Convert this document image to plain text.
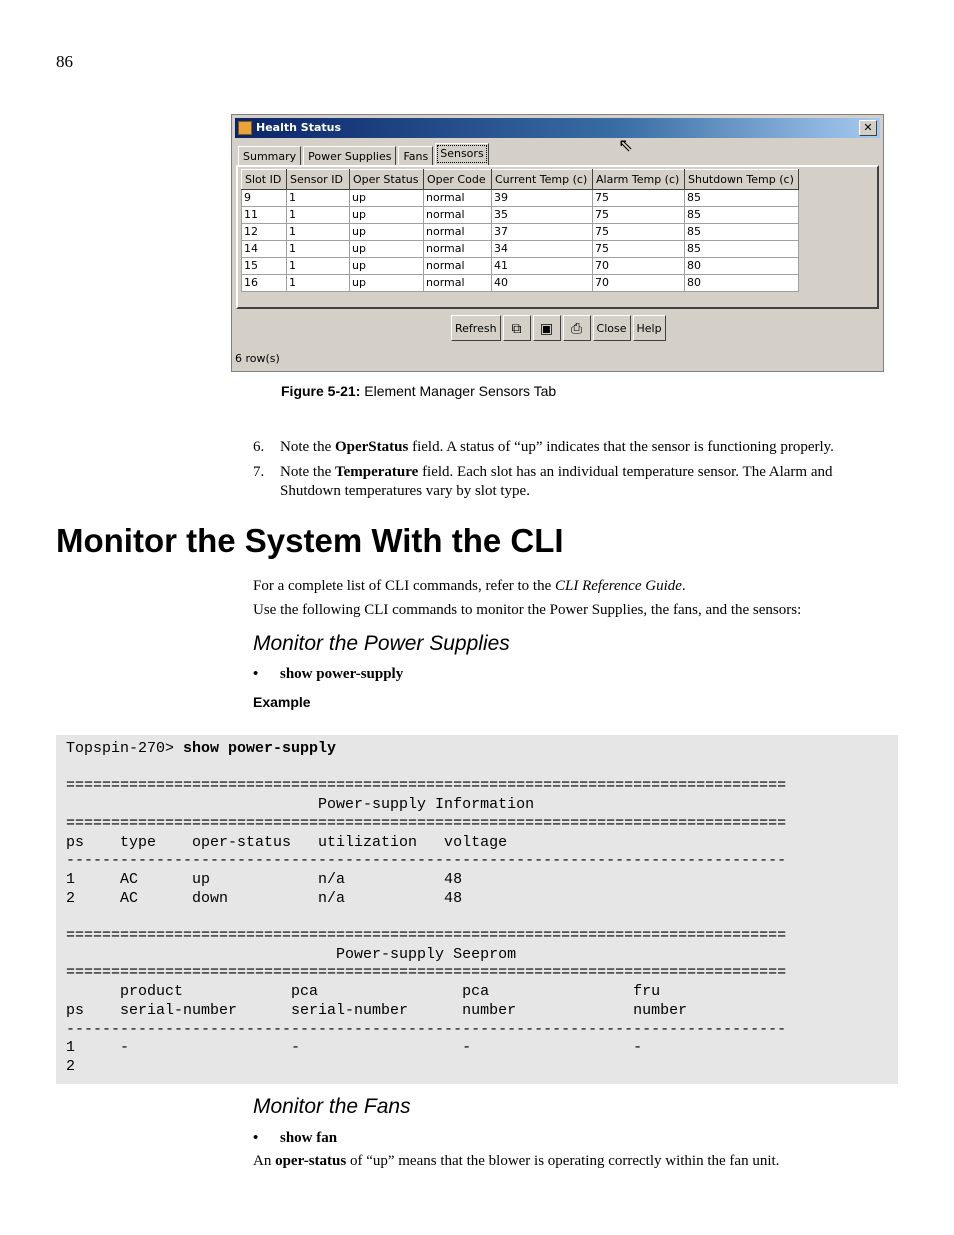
86
Health Status	✕
Summary	Power Supplies	Fans	Sensors	⇖
Slot ID	Sensor ID	Oper Status	Oper Code	Current Temp (c)	Alarm Temp (c)	Shutdown Temp (c)
9	1	up	normal	39	75	85
11	1	up	normal	35	75	85
12	1	up	normal	37	75	85
14	1	up	normal	34	75	85
15	1	up	normal	41	70	80
16	1	up	normal	40	70	80
Refresh	⧉	▣	⎙	Close Help
6 row(s)
Figure 5-21: Element Manager Sensors Tab
6. Note the OperStatus field. A status of “up” indicates that the sensor is functioning properly.
7. Note the Temperature field. Each slot has an individual temperature sensor. The Alarm and Shutdown temperatures vary by slot type.
Monitor the System With the CLI
For a complete list of CLI commands, refer to the CLI Reference Guide.
Use the following CLI commands to monitor the Power Supplies, the fans, and the sensors:
Monitor the Power Supplies
• show power-supply
Example
Topspin-270> show power-supply

================================================================================
Power-supply Information
================================================================================
ps    type    oper-status   utilization   voltage
--------------------------------------------------------------------------------
1     AC      up            n/a           48
2     AC      down          n/a           48

================================================================================
Power-supply Seeprom
================================================================================
product            pca                pca                fru
ps    serial-number      serial-number      number             number
--------------------------------------------------------------------------------
1     -                  -                  -                  -
2
Monitor the Fans
• show fan
An oper-status of “up” means that the blower is operating correctly within the fan unit.
